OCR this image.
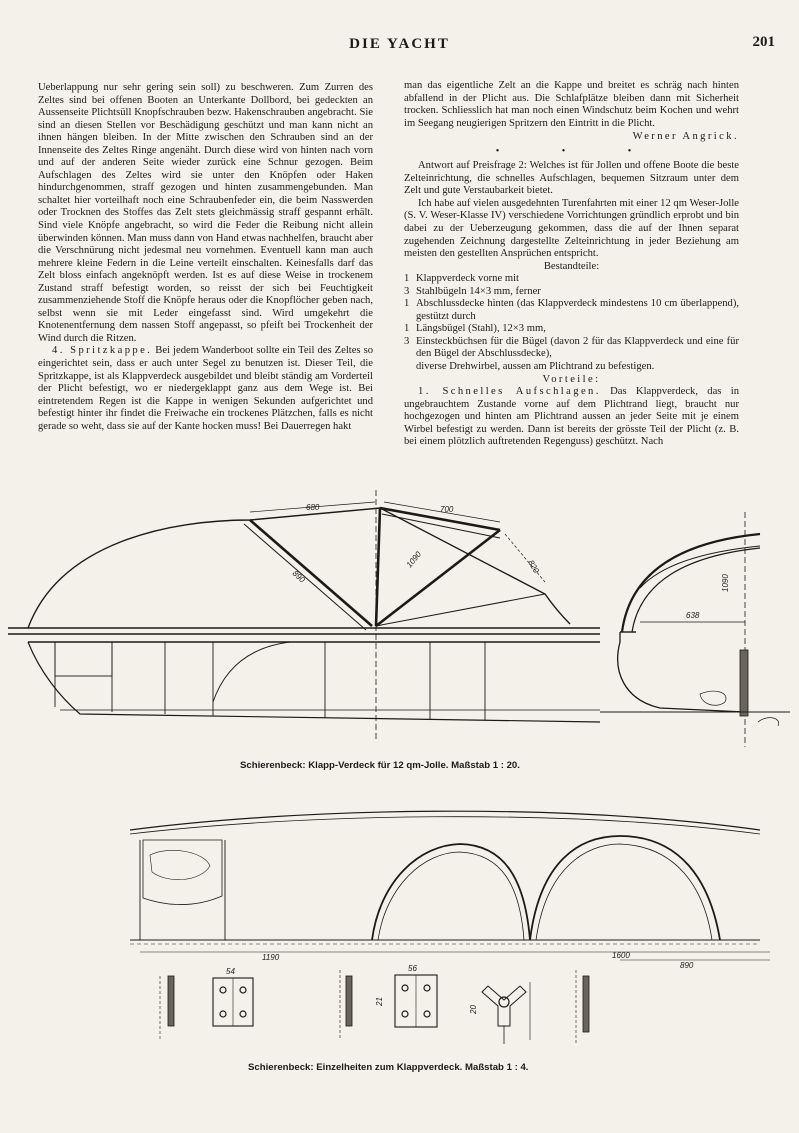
DIE YACHT	201

Ueberlappung nur sehr gering sein soll) zu beschweren. Zum Zurren des Zeltes sind bei offenen Booten an Unterkante Dollbord, bei gedeckten an Aussenseite Plichtsüll Knopfschrauben bezw. Hakenschrauben angebracht. Sie sind an diesen Stellen vor Beschädigung geschützt und man kann nicht an ihnen hängen bleiben. In der Mitte zwischen den Schrauben sind an der Innenseite des Zeltes Ringe angenäht. Durch diese wird von hinten nach vorn und auf der anderen Seite wieder zurück eine Schnur gezogen. Beim Aufschlagen des Zeltes wird sie unter den Knöpfen oder Haken hindurchgenommen, straff gezogen und hinten zusammengebunden. Man schaltet hier vorteilhaft noch eine Schraubenfeder ein, die beim Nasswerden oder Trocknen des Stoffes das Zelt stets gleichmässig straff gespannt erhält. Sind viele Knöpfe angebracht, so wird die Feder die Reibung nicht allein überwinden können. Man muss dann von Hand etwas nachhelfen, braucht aber die Verschnürung nicht jedesmal neu vornehmen. Eventuell kann man auch mehrere kleine Federn in die Leine verteilt einschalten. Keinesfalls darf das Zelt bloss einfach angeknöpft werden. Ist es auf diese Weise in trockenem Zustand straff befestigt worden, so reisst der sich bei Feuchtigkeit zusammenziehende Stoff die Knöpfe heraus oder die Knopflöcher geben nach, selbst wenn sie mit Leder eingefasst sind. Wird umgekehrt die Knotenentfernung dem nassen Stoff angepasst, so pfeift bei Trockenheit der Wind durch die Ritzen.

4. Spritzkappe. Bei jedem Wanderboot sollte ein Teil des Zeltes so eingerichtet sein, dass er auch unter Segel zu benutzen ist. Dieser Teil, die Spritzkappe, ist als Klappverdeck ausgebildet und bleibt ständig am Vorderteil der Plicht befestigt, wo er niedergeklappt ganz aus dem Wege ist. Bei eintretendem Regen ist die Kappe in wenigen Sekunden aufgerichtet und befestigt hinter ihr findet die Freiwache ein trockenes Plätzchen, falls es nicht gerade so weht, dass sie auf der Kante hocken muss! Bei Dauerregen hakt

man das eigentliche Zelt an die Kappe und breitet es schräg nach hinten abfallend in der Plicht aus. Die Schlafplätze bleiben dann mit Sicherheit trocken. Schliesslich hat man noch einen Windschutz beim Kochen und wehrt im Seegang neugierigen Spritzern den Eintritt in die Plicht.

Werner Angrick.

• • •

Antwort auf Preisfrage 2: Welches ist für Jollen und offene Boote die beste Zelteinrichtung, die schnelles Aufschlagen, bequemen Sitzraum unter dem Zelt und gute Verstaubarkeit bietet.

Ich habe auf vielen ausgedehnten Turenfahrten mit einer 12 qm Weser-Jolle (S. V. Weser-Klasse IV) verschiedene Vorrichtungen gründlich erprobt und bin dabei zu der Ueberzeugung gekommen, dass die auf der Ihnen separat zugehenden Zeichnung dargestellte Zelteinrichtung in jeder Beziehung am meisten den gestellten Ansprüchen entspricht.

Bestandteile:

1 Klappverdeck vorne mit
3 Stahlbügeln 14×3 mm, ferner
1 Abschlussdecke hinten (das Klappverdeck mindestens 10 cm überlappend), gestützt durch
1 Längsbügel (Stahl), 12×3 mm,
3 Einsteckbüchsen für die Bügel (davon 2 für das Klappverdeck und eine für den Bügel der Abschlussdecke),
diverse Drehwirbel, aussen am Plichtrand zu befestigen.

Vorteile:

1. Schnelles Aufschlagen. Das Klappverdeck, das in ungebrauchtem Zustande vorne auf dem Plichtrand liegt, braucht nur hochgezogen und hinten am Plichtrand aussen an jeder Seite mit je einem Wirbel befestigt zu werden. Dann ist bereits der grösste Teil der Plicht (z. B. bei einem plötzlich auftretenden Regenguss) geschützt. Nach

680	700
890
1090	820
1090
638
Schierenbeck: Klapp-Verdeck für 12 qm-Jolle. Maßstab 1 : 20.
1190	1600
890
54	56
21
20
Schierenbeck: Einzelheiten zum Klappverdeck. Maßstab 1 : 4.
